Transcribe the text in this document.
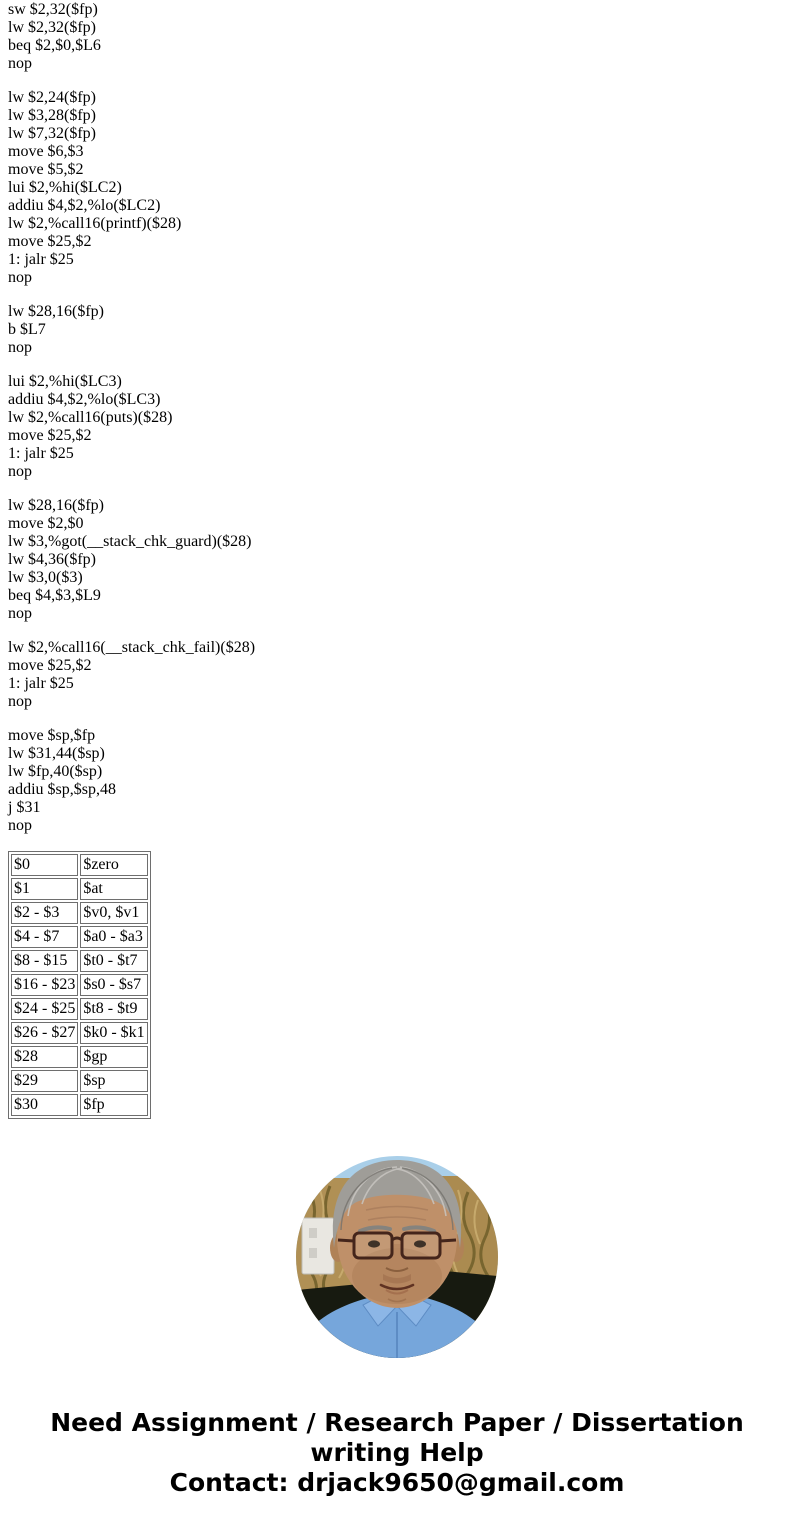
sw $2,32($fp)
lw $2,32($fp)
beq $2,$0,$L6
nop

lw $2,24($fp)
lw $3,28($fp)
lw $7,32($fp)
move $6,$3
move $5,$2
lui $2,%hi($LC2)
addiu $4,$2,%lo($LC2)
lw $2,%call16(printf)($28)
move $25,$2
1: jalr $25
nop

lw $28,16($fp)
b $L7
nop

lui $2,%hi($LC3)
addiu $4,$2,%lo($LC3)
lw $2,%call16(puts)($28)
move $25,$2
1: jalr $25
nop

lw $28,16($fp)
move $2,$0
lw $3,%got(__stack_chk_guard)($28)
lw $4,36($fp)
lw $3,0($3)
beq $4,$3,$L9
nop

lw $2,%call16(__stack_chk_fail)($28)
move $25,$2
1: jalr $25
nop

move $sp,$fp
lw $31,44($sp)
lw $fp,40($sp)
addiu $sp,$sp,48
j $31
nop

$0	$zero
$1	$at
$2 - $3	$v0, $v1
$4 - $7	$a0 - $a3
$8 - $15	$t0 - $t7
$16 - $23	$s0 - $s7
$24 - $25	$t8 - $t9
$26 - $27	$k0 - $k1
$28	$gp
$29	$sp
$30	$fp
Need Assignment / Research Paper / Dissertation writing Help
Contact: drjack9650@gmail.com
